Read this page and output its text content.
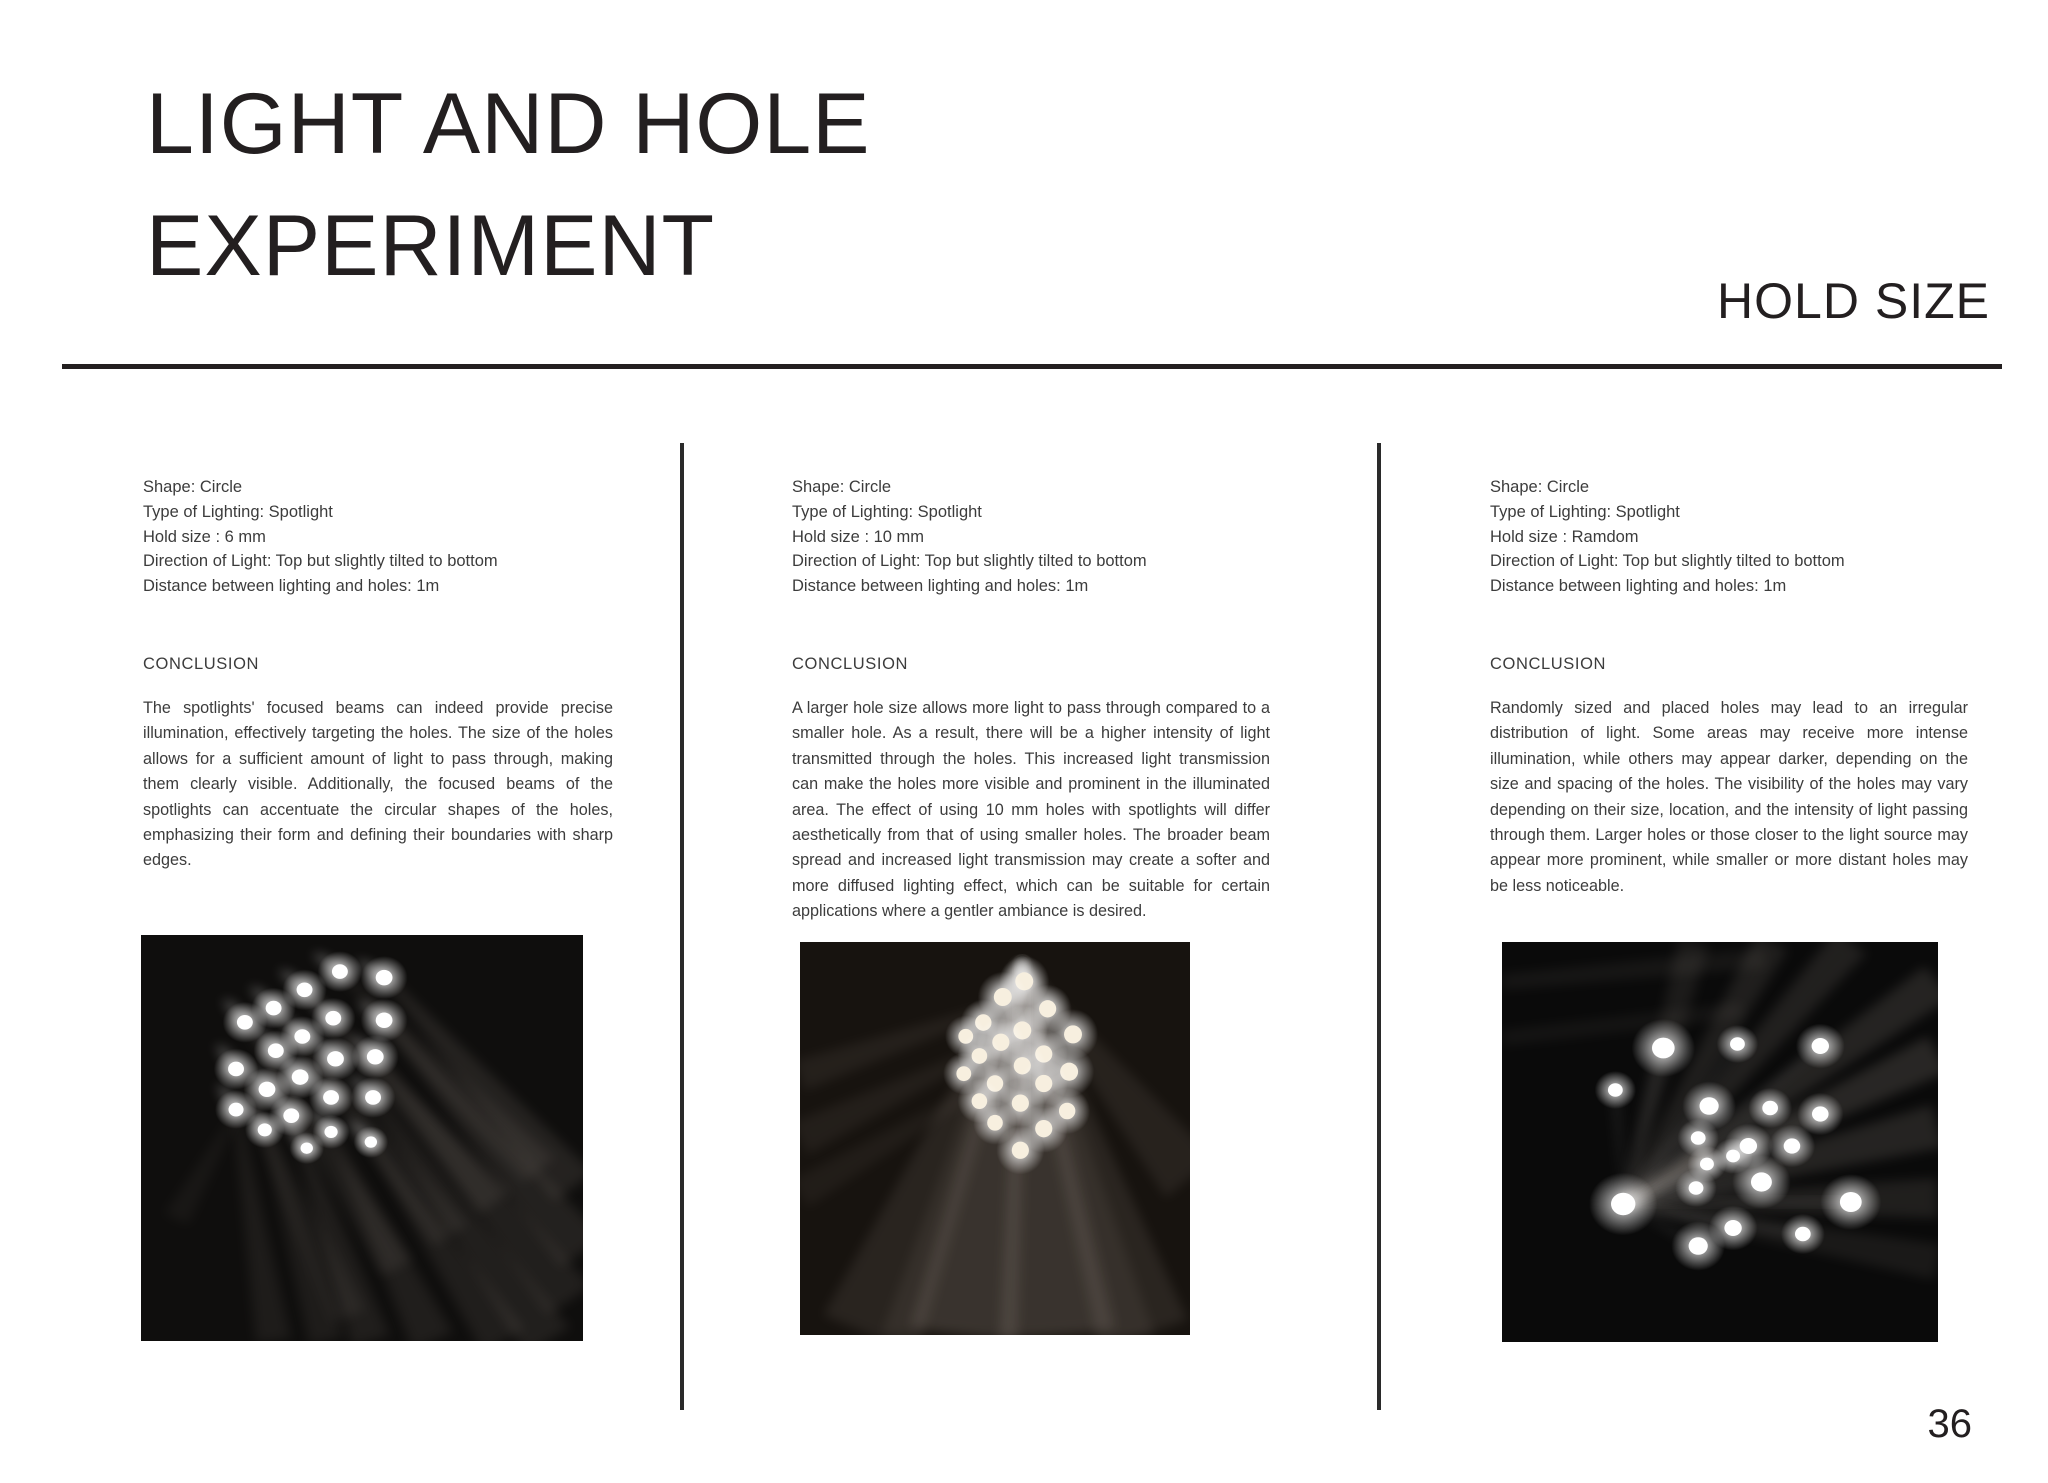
LIGHT AND HOLE
EXPERIMENT
HOLD SIZE
Shape: Circle
Type of Lighting: Spotlight
Hold size : 6 mm
Direction of Light: Top but slightly tilted to bottom
Distance between lighting and holes: 1m
CONCLUSION
The spotlights' focused beams can indeed provide precise illumination, effectively targeting the holes. The size of the holes allows for a sufficient amount of light to pass through, making them clearly visible. Additionally, the focused beams of the spotlights can accentuate the circular shapes of the holes, emphasizing their form and defining their boundaries with sharp edges.
Shape: Circle
Type of Lighting: Spotlight
Hold size : 10 mm
Direction of Light: Top but slightly tilted to bottom
Distance between lighting and holes: 1m
CONCLUSION
A larger hole size allows more light to pass through compared to a smaller hole. As a result, there will be a higher intensity of light transmitted through the holes. This increased light transmission can make the holes more visible and prominent in the illuminated area. The effect of using 10 mm holes with spotlights will differ aesthetically from that of using smaller holes. The broader beam spread and increased light transmission may create a softer and more diffused lighting effect, which can be suitable for certain applications where a gentler ambiance is desired.
Shape: Circle
Type of Lighting: Spotlight
Hold size : Ramdom
Direction of Light: Top but slightly tilted to bottom
Distance between lighting and holes: 1m
CONCLUSION
Randomly sized and placed holes may lead to an irregular distribution of light. Some areas may receive more intense illumination, while others may appear darker, depending on the size and spacing of the holes. The visibility of the holes may vary depending on their size, location, and the intensity of light passing through them. Larger holes or those closer to the light source may appear more prominent, while smaller or more distant holes may be less noticeable.
36
